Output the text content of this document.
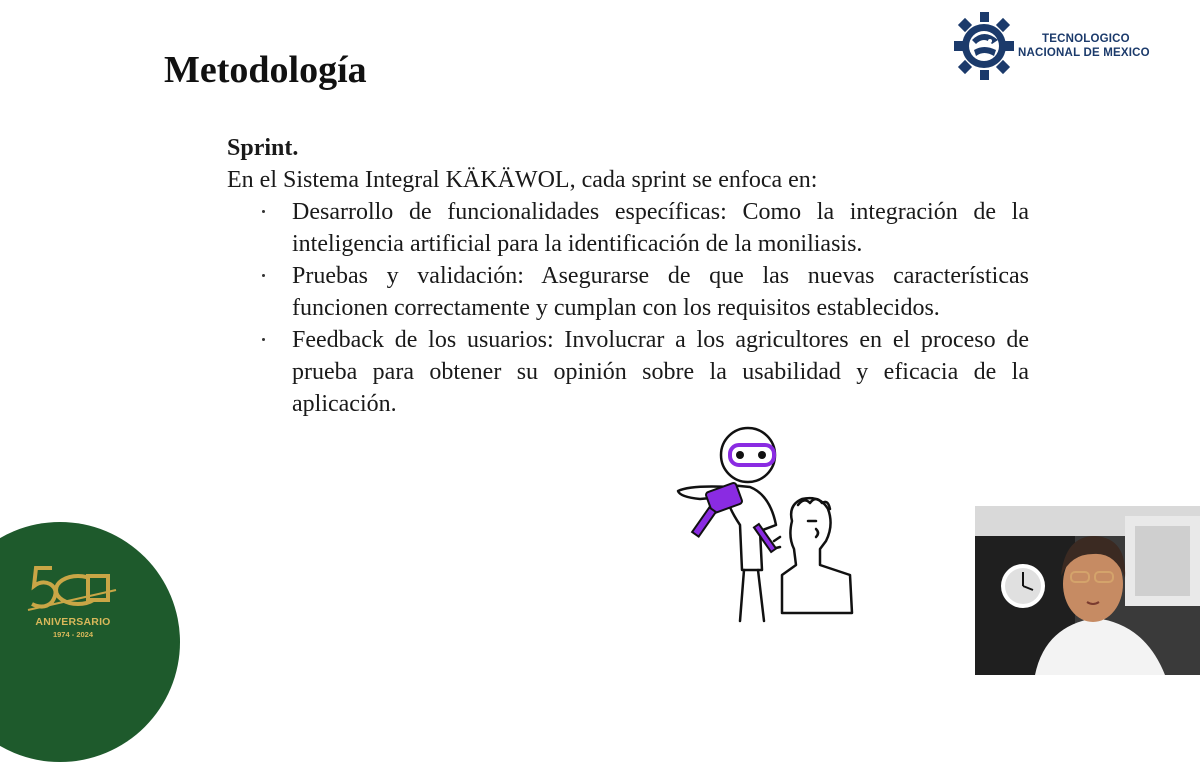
Metodología
TECNOLOGICO
NACIONAL DE MEXICO
Sprint.
En el Sistema Integral KÄKÄWOL, cada sprint se enfoca en:
Desarrollo de funcionalidades específicas: Como la integración de la inteligencia artificial para la identificación de la moniliasis.
Pruebas y validación: Asegurarse de que las nuevas características funcionen correctamente y cumplan con los requisitos establecidos.
Feedback de los usuarios: Involucrar a los agricultores en el proceso de prueba para obtener su opinión sobre la usabilidad y eficacia de la aplicación.
ANIVERSARIO
1974 - 2024
